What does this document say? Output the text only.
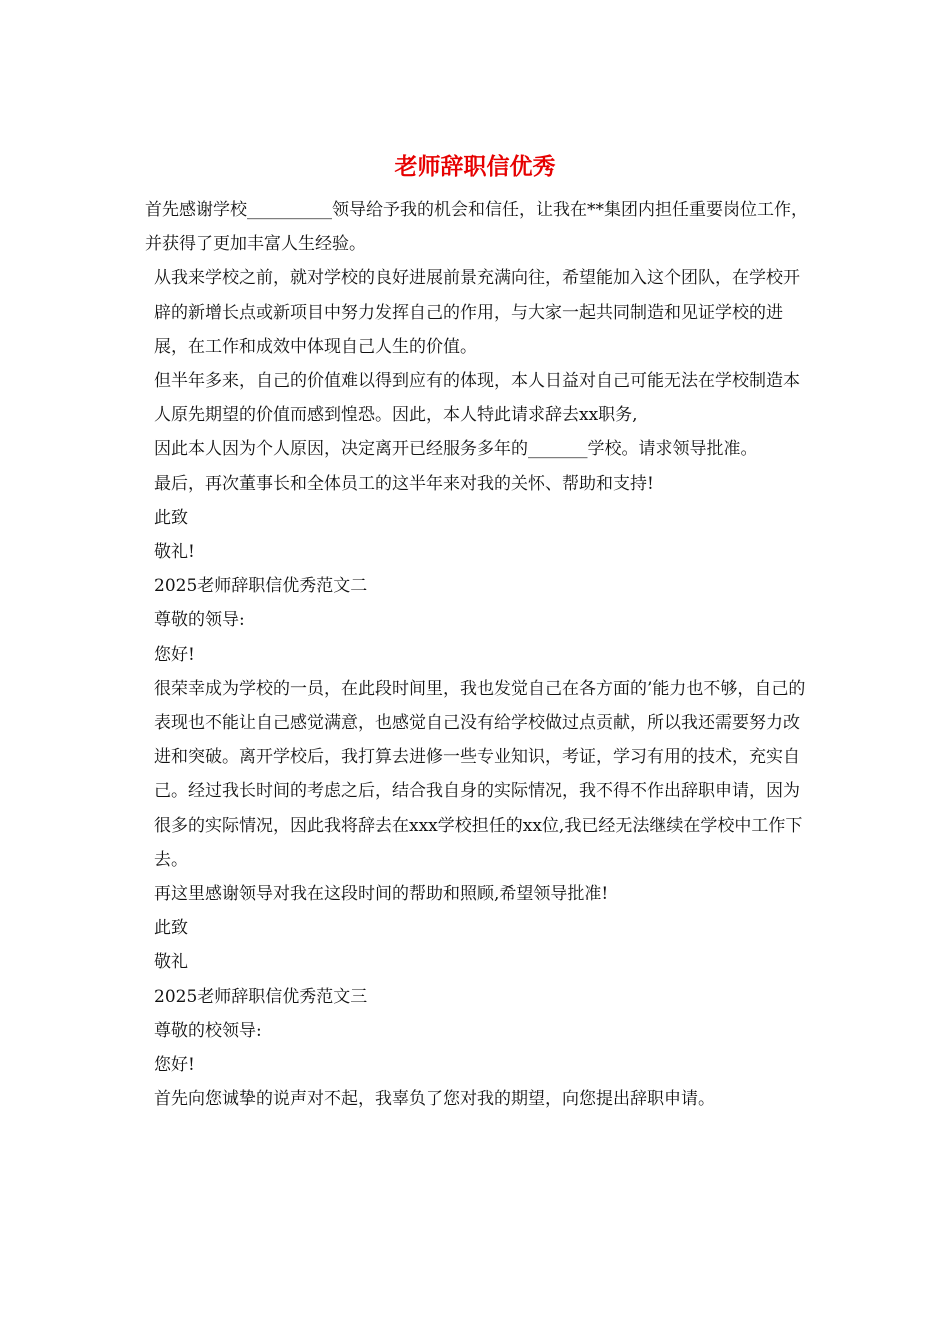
老师辞职信优秀

首先感谢学校__________领导给予我的机会和信任，让我在**集团内担任重要岗位工作，并获得了更加丰富人生经验。

从我来学校之前，就对学校的良好进展前景充满向往，希望能加入这个团队，在学校开辟的新增长点或新项目中努力发挥自己的作用，与大家一起共同制造和见证学校的进展，在工作和成效中体现自己人生的价值。

但半年多来，自己的价值难以得到应有的体现，本人日益对自己可能无法在学校制造本人原先期望的价值而感到惶恐。因此，本人特此请求辞去xx职务,

因此本人因为个人原因，决定离开已经服务多年的_______学校。请求领导批准。

最后，再次董事长和全体员工的这半年来对我的关怀、帮助和支持!

此致

敬礼!

2025老师辞职信优秀范文二

尊敬的领导:

您好!

很荣幸成为学校的一员，在此段时间里，我也发觉自己在各方面的’能力也不够，自己的表现也不能让自己感觉满意，也感觉自己没有给学校做过点贡献，所以我还需要努力改进和突破。离开学校后，我打算去进修一些专业知识，考证，学习有用的技术，充实自己。经过我长时间的考虑之后，结合我自身的实际情况，我不得不作出辞职申请，因为很多的实际情况，因此我将辞去在xxx学校担任的xx位,我已经无法继续在学校中工作下去。

再这里感谢领导对我在这段时间的帮助和照顾,希望领导批准!

此致

敬礼

2025老师辞职信优秀范文三

尊敬的校领导:

您好!

首先向您诚挚的说声对不起，我辜负了您对我的期望，向您提出辞职申请。
